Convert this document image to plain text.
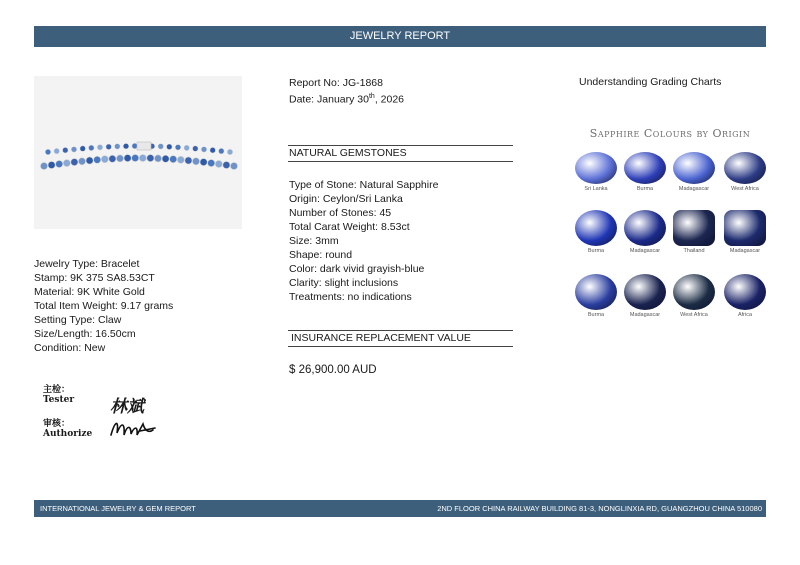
JEWELRY REPORT
Jewelry Type: Bracelet
Stamp: 9K 375 SA8.53CT
Material: 9K White Gold
Total Item Weight: 9.17 grams
Setting Type: Claw
Size/Length: 16.50cm
Condition: New
主检：
Tester
审核：
Authorize
林斌
Report No: JG-1868
Date: January 30th, 2026
NATURAL GEMSTONES
Type of Stone: Natural Sapphire
Origin: Ceylon/Sri Lanka
Number of Stones: 45
Total Carat Weight: 8.53ct
Size: 3mm
Shape: round
Color: dark vivid grayish-blue
Clarity: slight inclusions
Treatments: no indications
INSURANCE REPLACEMENT VALUE
$ 26,900.00 AUD
Understanding Grading Charts
Sapphire Colours by Origin
Sri Lanka	Burma	Madagascar	West Africa
Burma	Madagascar	Thailand	Madagascar
Burma	Madagascar	West Africa	Africa
INTERNATIONAL JEWELRY & GEM REPORT	2ND FLOOR CHINA RAILWAY BUILDING 81-3, NONGLINXIA RD, GUANGZHOU CHINA 510080
